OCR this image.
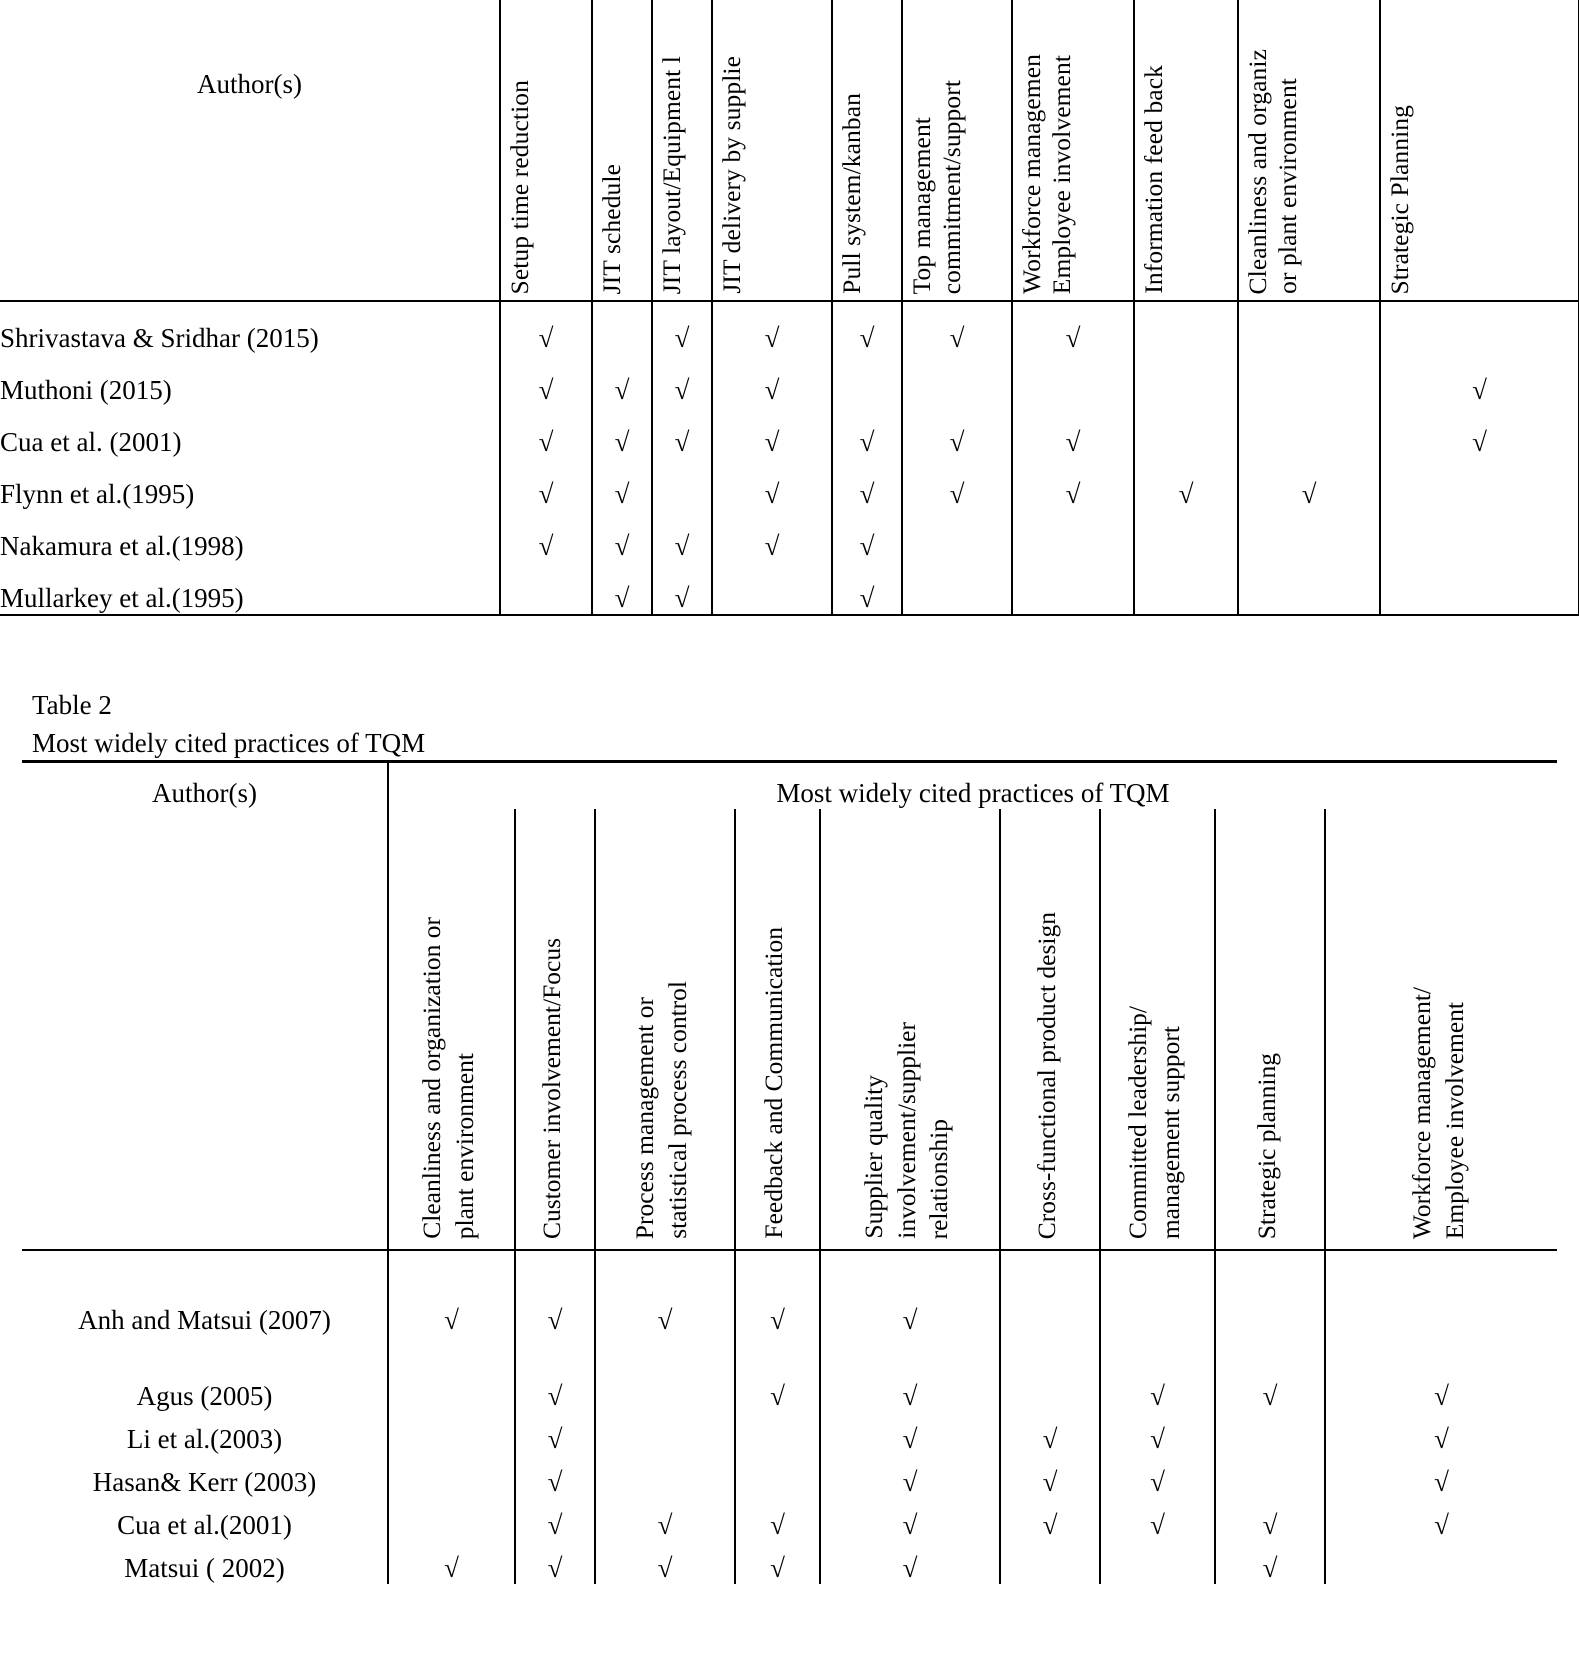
Author(s)	Setup time reduction	JIT schedule	JIT layout/Equipment l	JIT delivery by supplie	Pull system/kanban	Top management commitment/support	Workforce managemen Employee involvement	Information feed back	Cleanliness and organiz or plant environment	Strategic Planning

Shrivastava & Sridhar (2015)	√		√	√	√	√	√			
Muthoni (2015)	√	√	√	√						√
Cua et al. (2001)	√	√	√	√	√	√	√			√
Flynn et al.(1995)	√	√		√	√	√	√	√	√	
Nakamura et al.(1998)	√	√	√	√	√					
Mullarkey et al.(1995)		√	√		√					
Table 2
Most widely cited practices of TQM
Author(s)	Most widely cited practices of TQM								

	Cleanliness and organization or plant environment	Customer involvement/Focus	Process management or statistical process control	Feedback and Communication	Supplier quality involvement/supplier relationship	Cross-functional product design	Committed leadership/ management support	Strategic planning	Workforce management/ Employee involvement

Anh and Matsui (2007)	√	√	√	√	√				
Agus (2005)		√		√	√		√	√	√
Li et al.(2003)		√			√	√	√		√
Hasan& Kerr (2003)		√			√	√	√		√
Cua et al.(2001)		√	√	√	√	√	√	√	√
Matsui ( 2002)	√	√	√	√	√			√	
